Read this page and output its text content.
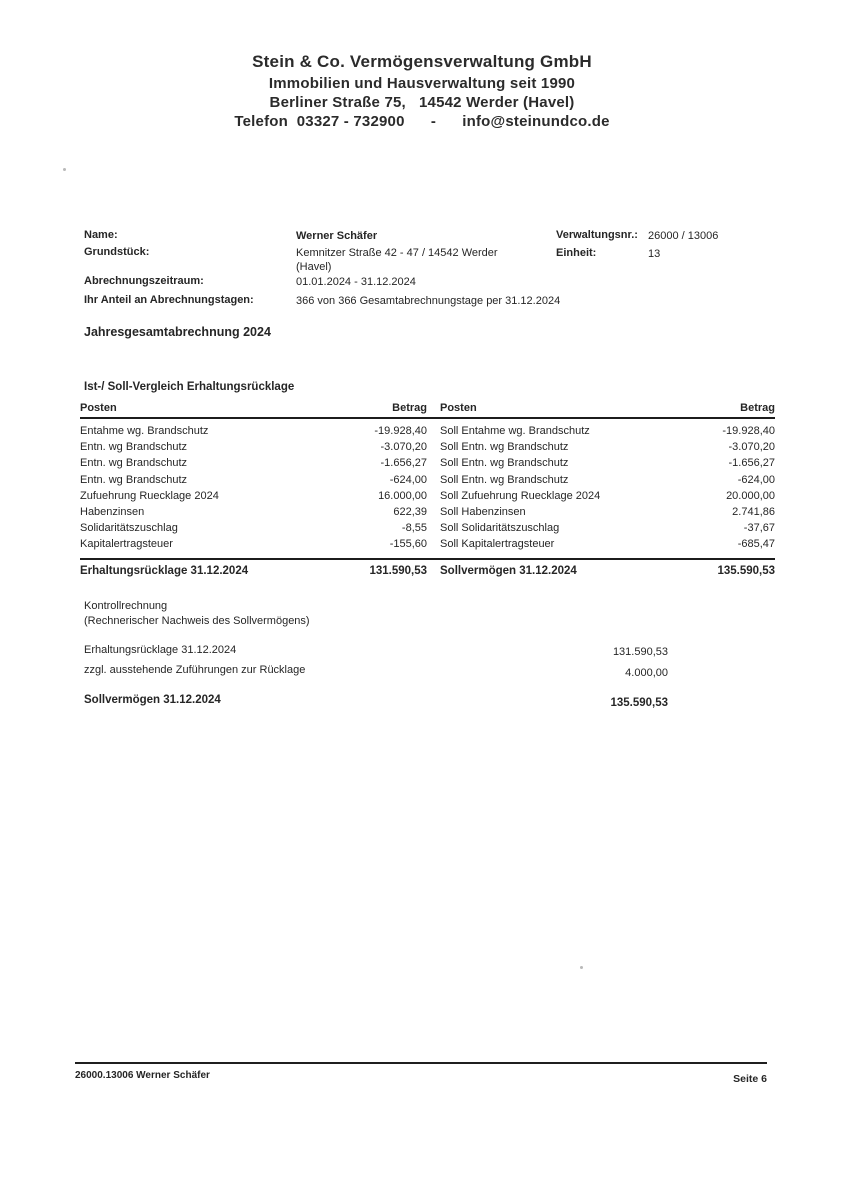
Stein & Co. Vermögensverwaltung GmbH
Immobilien und Hausverwaltung seit 1990
Berliner Straße 75,   14542 Werder (Havel)
Telefon  03327 - 732900      -      info@steinundco.de
Name:	Werner Schäfer
Grundstück:	Kemnitzer Straße 42 - 47 / 14542 Werder (Havel)
Abrechnungszeitraum:	01.01.2024 - 31.12.2024
Ihr Anteil an Abrechnungstagen:	366 von 366 Gesamtabrechnungstage per 31.12.2024
Verwaltungsnr.: 26000 / 13006
Einheit:	13
Jahresgesamtabrechnung 2024
Ist-/ Soll-Vergleich Erhaltungsrücklage
Posten	Betrag Posten	Betrag
Entahme wg. Brandschutz	-19.928,40 Soll Entahme wg. Brandschutz	-19.928,40
Entn. wg Brandschutz	-3.070,20 Soll Entn. wg Brandschutz	-3.070,20
Entn. wg Brandschutz	-1.656,27 Soll Entn. wg Brandschutz	-1.656,27
Entn. wg Brandschutz	-624,00 Soll Entn. wg Brandschutz	-624,00
Zufuehrung Ruecklage 2024	16.000,00 Soll Zufuehrung Ruecklage 2024	20.000,00
Habenzinsen	622,39 Soll Habenzinsen	2.741,86
Solidaritätszuschlag	-8,55 Soll Solidaritätszuschlag	-37,67
Kapitalertragsteuer	-155,60 Soll Kapitalertragsteuer	-685,47
Erhaltungsrücklage 31.12.2024	131.590,53 Sollvermögen 31.12.2024	135.590,53
Kontrollrechnung
(Rechnerischer Nachweis des Sollvermögens)
Erhaltungsrücklage 31.12.2024	131.590,53
zzgl. ausstehende Zuführungen zur Rücklage	4.000,00
Sollvermögen 31.12.2024	135.590,53
26000.13006 Werner Schäfer	Seite 6
